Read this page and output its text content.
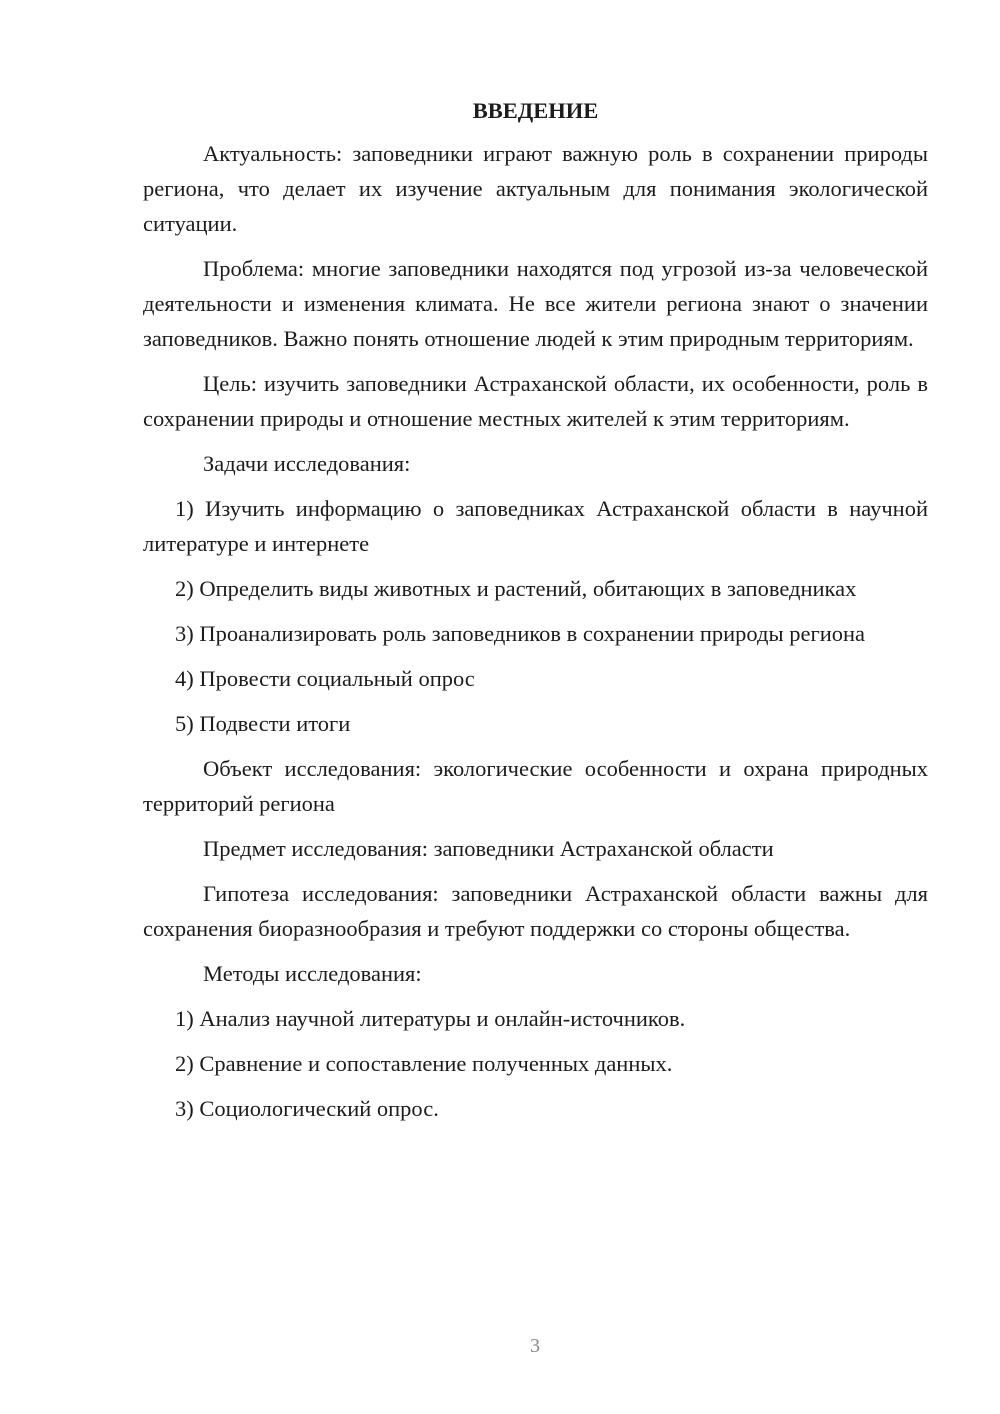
ВВЕДЕНИЕ

Актуальность: заповедники играют важную роль в сохранении природы региона, что делает их изучение актуальным для понимания экологической ситуации.

Проблема: многие заповедники находятся под угрозой из-за человеческой деятельности и изменения климата. Не все жители региона знают о значении заповедников. Важно понять отношение людей к этим природным территориям.

Цель: изучить заповедники Астраханской области, их особенности, роль в сохранении природы и отношение местных жителей к этим территориям.

Задачи исследования:

1) Изучить информацию о заповедниках Астраханской области в научной литературе и интернете

2) Определить виды животных и растений, обитающих в заповедниках

3) Проанализировать роль заповедников в сохранении природы региона

4) Провести социальный опрос

5) Подвести итоги

Объект исследования: экологические особенности и охрана природных территорий региона

Предмет исследования: заповедники Астраханской области

Гипотеза исследования: заповедники Астраханской области важны для сохранения биоразнообразия и требуют поддержки со стороны общества.

Методы исследования:

1) Анализ научной литературы и онлайн-источников.

2) Сравнение и сопоставление полученных данных.

3) Социологический опрос.

3
